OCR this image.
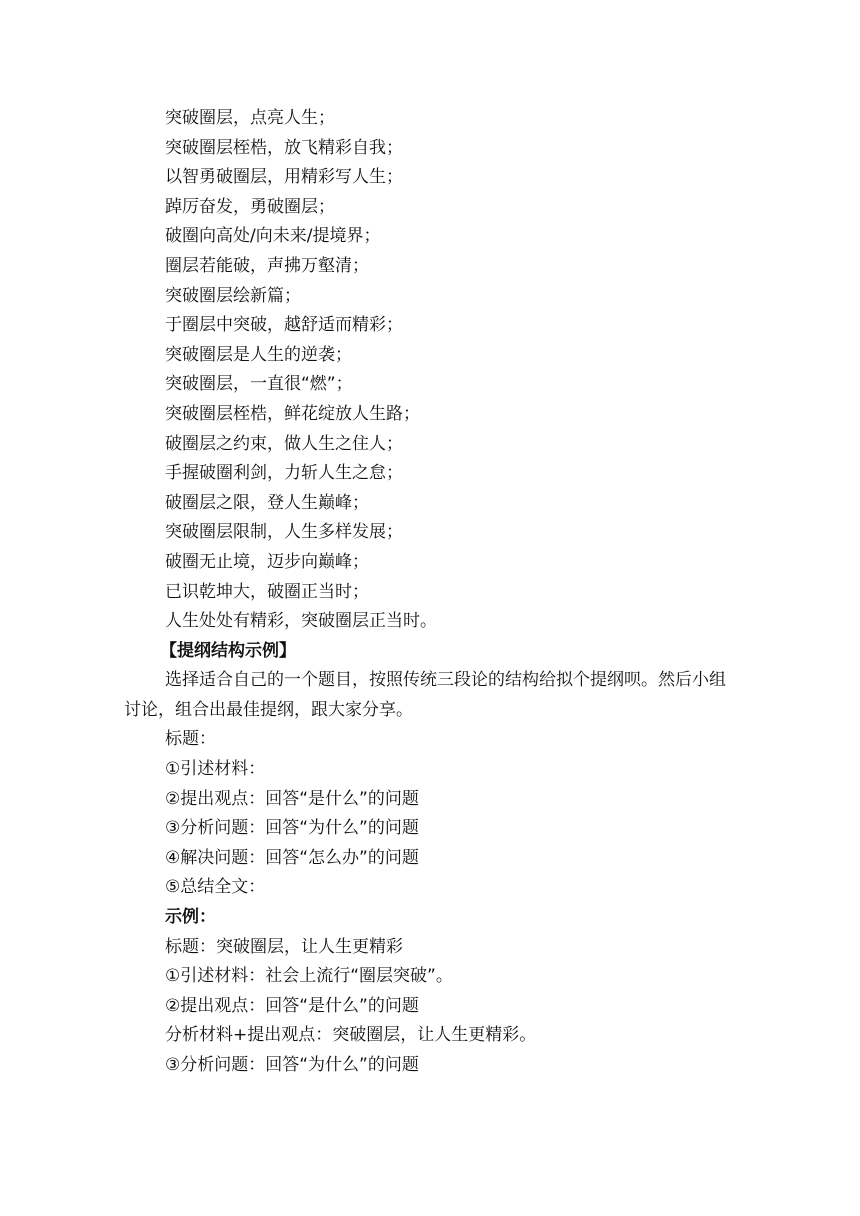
突破圈层，点亮人生；
突破圈层桎梏，放飞精彩自我；
以智勇破圈层，用精彩写人生；
踔厉奋发，勇破圈层；
破圈向高处/向未来/提境界；
圈层若能破，声拂万壑清；
突破圈层绘新篇；
于圈层中突破，越舒适而精彩；
突破圈层是人生的逆袭；
突破圈层，一直很“燃”；
突破圈层桎梏，鲜花绽放人生路；
破圈层之约束，做人生之住人；
手握破圈利剑，力斩人生之怠；
破圈层之限，登人生巅峰；
突破圈层限制，人生多样发展；
破圈无止境，迈步向巅峰；
已识乾坤大，破圈正当时；
人生处处有精彩，突破圈层正当时。
【提纲结构示例】
选择适合自己的一个题目，按照传统三段论的结构给拟个提纲呗。然后小组讨论，组合出最佳提纲，跟大家分享。
标题：
①引述材料：
②提出观点：回答“是什么”的问题
③分析问题：回答“为什么”的问题
④解决问题：回答“怎么办”的问题
⑤总结全文：
示例：
标题：突破圈层，让人生更精彩
①引述材料：社会上流行“圈层突破”。
②提出观点：回答“是什么”的问题
分析材料+提出观点：突破圈层，让人生更精彩。
③分析问题：回答“为什么”的问题
